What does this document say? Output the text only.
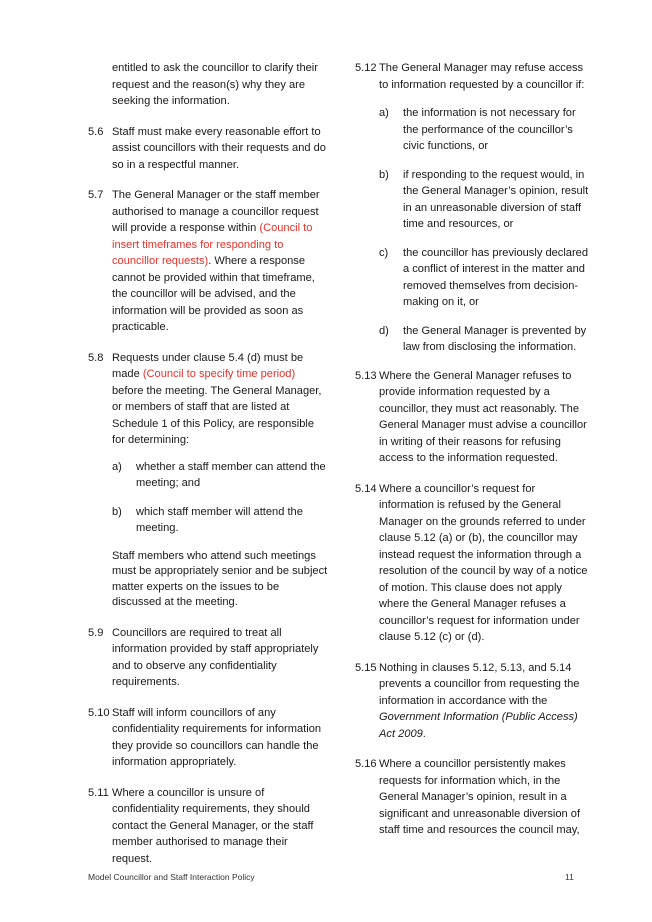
entitled to ask the councillor to clarify their request and the reason(s) why they are seeking the information.
5.6 Staff must make every reasonable effort to assist councillors with their requests and do so in a respectful manner.
5.7 The General Manager or the staff member authorised to manage a councillor request will provide a response within (Council to insert timeframes for responding to councillor requests). Where a response cannot be provided within that timeframe, the councillor will be advised, and the information will be provided as soon as practicable.
5.8 Requests under clause 5.4 (d) must be made (Council to specify time period) before the meeting. The General Manager, or members of staff that are listed at Schedule 1 of this Policy, are responsible for determining:
a) whether a staff member can attend the meeting; and
b) which staff member will attend the meeting.
Staff members who attend such meetings must be appropriately senior and be subject matter experts on the issues to be discussed at the meeting.
5.9 Councillors are required to treat all information provided by staff appropriately and to observe any confidentiality requirements.
5.10 Staff will inform councillors of any confidentiality requirements for information they provide so councillors can handle the information appropriately.
5.11 Where a councillor is unsure of confidentiality requirements, they should contact the General Manager, or the staff member authorised to manage their request.
5.12 The General Manager may refuse access to information requested by a councillor if:
a) the information is not necessary for the performance of the councillor’s civic functions, or
b) if responding to the request would, in the General Manager’s opinion, result in an unreasonable diversion of staff time and resources, or
c) the councillor has previously declared a conflict of interest in the matter and removed themselves from decision-making on it, or
d) the General Manager is prevented by law from disclosing the information.
5.13 Where the General Manager refuses to provide information requested by a councillor, they must act reasonably. The General Manager must advise a councillor in writing of their reasons for refusing access to the information requested.
5.14 Where a councillor’s request for information is refused by the General Manager on the grounds referred to under clause 5.12 (a) or (b), the councillor may instead request the information through a resolution of the council by way of a notice of motion. This clause does not apply where the General Manager refuses a councillor’s request for information under clause 5.12 (c) or (d).
5.15 Nothing in clauses 5.12, 5.13, and 5.14 prevents a councillor from requesting the information in accordance with the Government Information (Public Access) Act 2009.
5.16 Where a councillor persistently makes requests for information which, in the General Manager’s opinion, result in a significant and unreasonable diversion of staff time and resources the council may,
Model Councillor and Staff Interaction Policy	11
